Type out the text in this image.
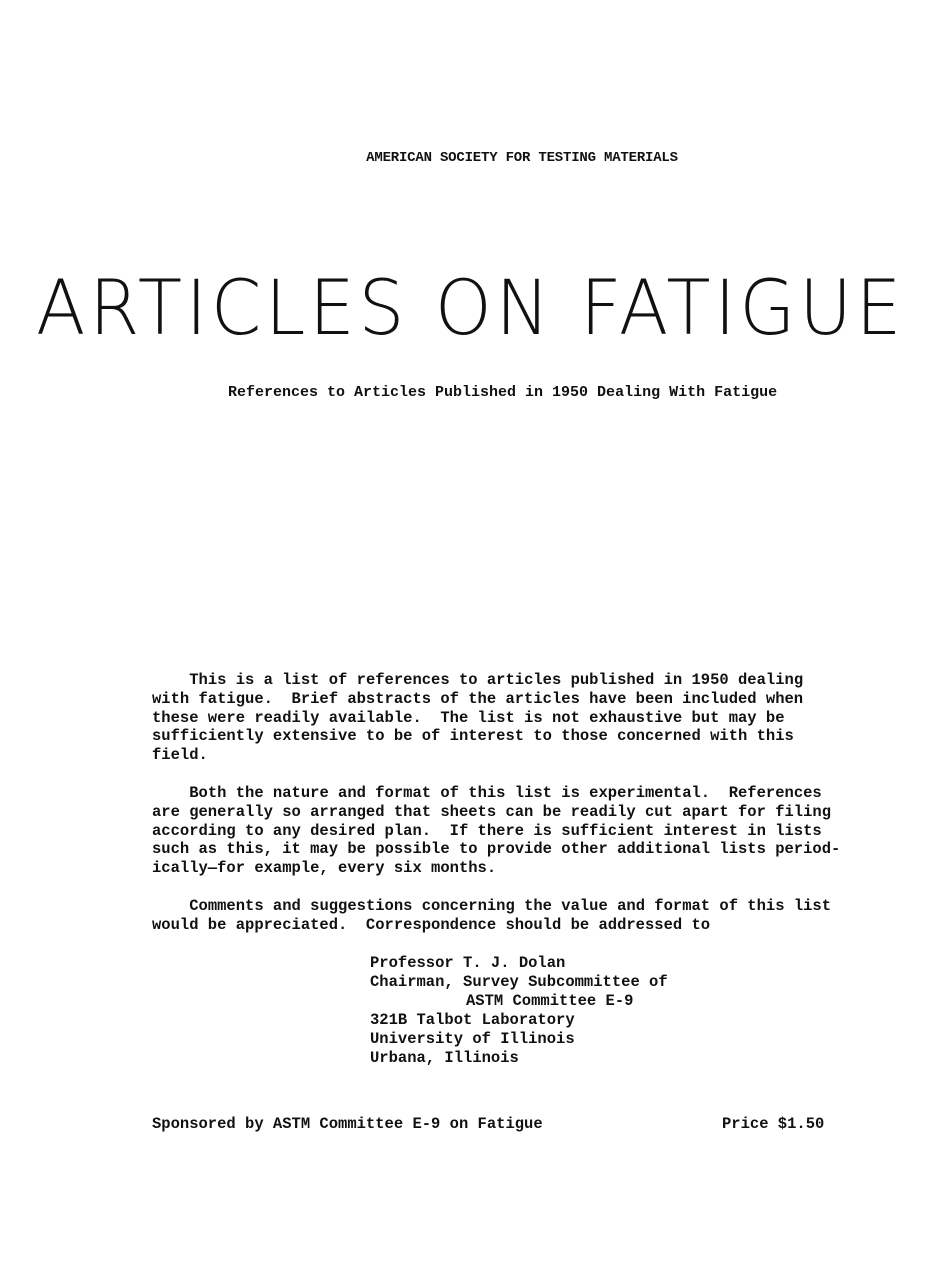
AMERICAN SOCIETY FOR TESTING MATERIALS
ARTICLES ON FATIGUE
References to Articles Published in 1950 Dealing With Fatigue
This is a list of references to articles published in 1950 dealing
with fatigue.  Brief abstracts of the articles have been included when
these were readily available.  The list is not exhaustive but may be
sufficiently extensive to be of interest to those concerned with this
field.
Both the nature and format of this list is experimental.  References
are generally so arranged that sheets can be readily cut apart for filing
according to any desired plan.  If there is sufficient interest in lists
such as this, it may be possible to provide other additional lists period-
ically—for example, every six months.
Comments and suggestions concerning the value and format of this list
would be appreciated.  Correspondence should be addressed to
Professor T. J. Dolan
Chairman, Survey Subcommittee of
ASTM Committee E-9
321B Talbot Laboratory
University of Illinois
Urbana, Illinois
Sponsored by ASTM Committee E-9 on Fatigue	Price $1.50
